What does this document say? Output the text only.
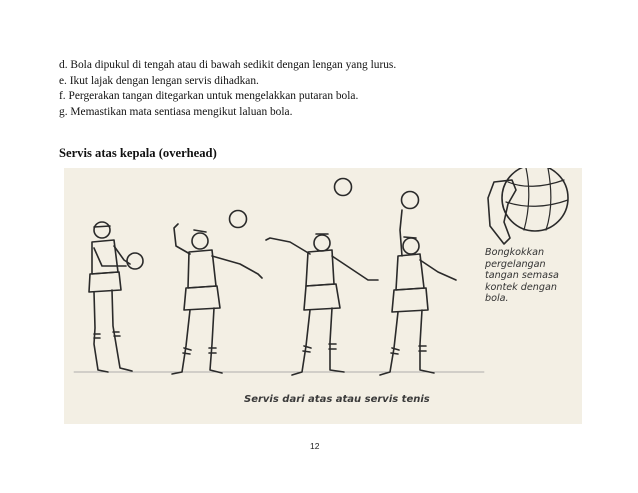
d. Bola dipukul di tengah atau di bawah sedikit dengan lengan yang lurus.
e. Ikut lajak dengan lengan servis dihadkan.
f. Pergerakan tangan ditegarkan untuk mengelakkan putaran bola.
g. Memastikan mata sentiasa mengikut laluan bola.
Servis atas kepala (overhead)
Bongkokkan
pergelangan
tangan semasa
kontek dengan
bola.
Servis dari atas atau servis tenis
12
